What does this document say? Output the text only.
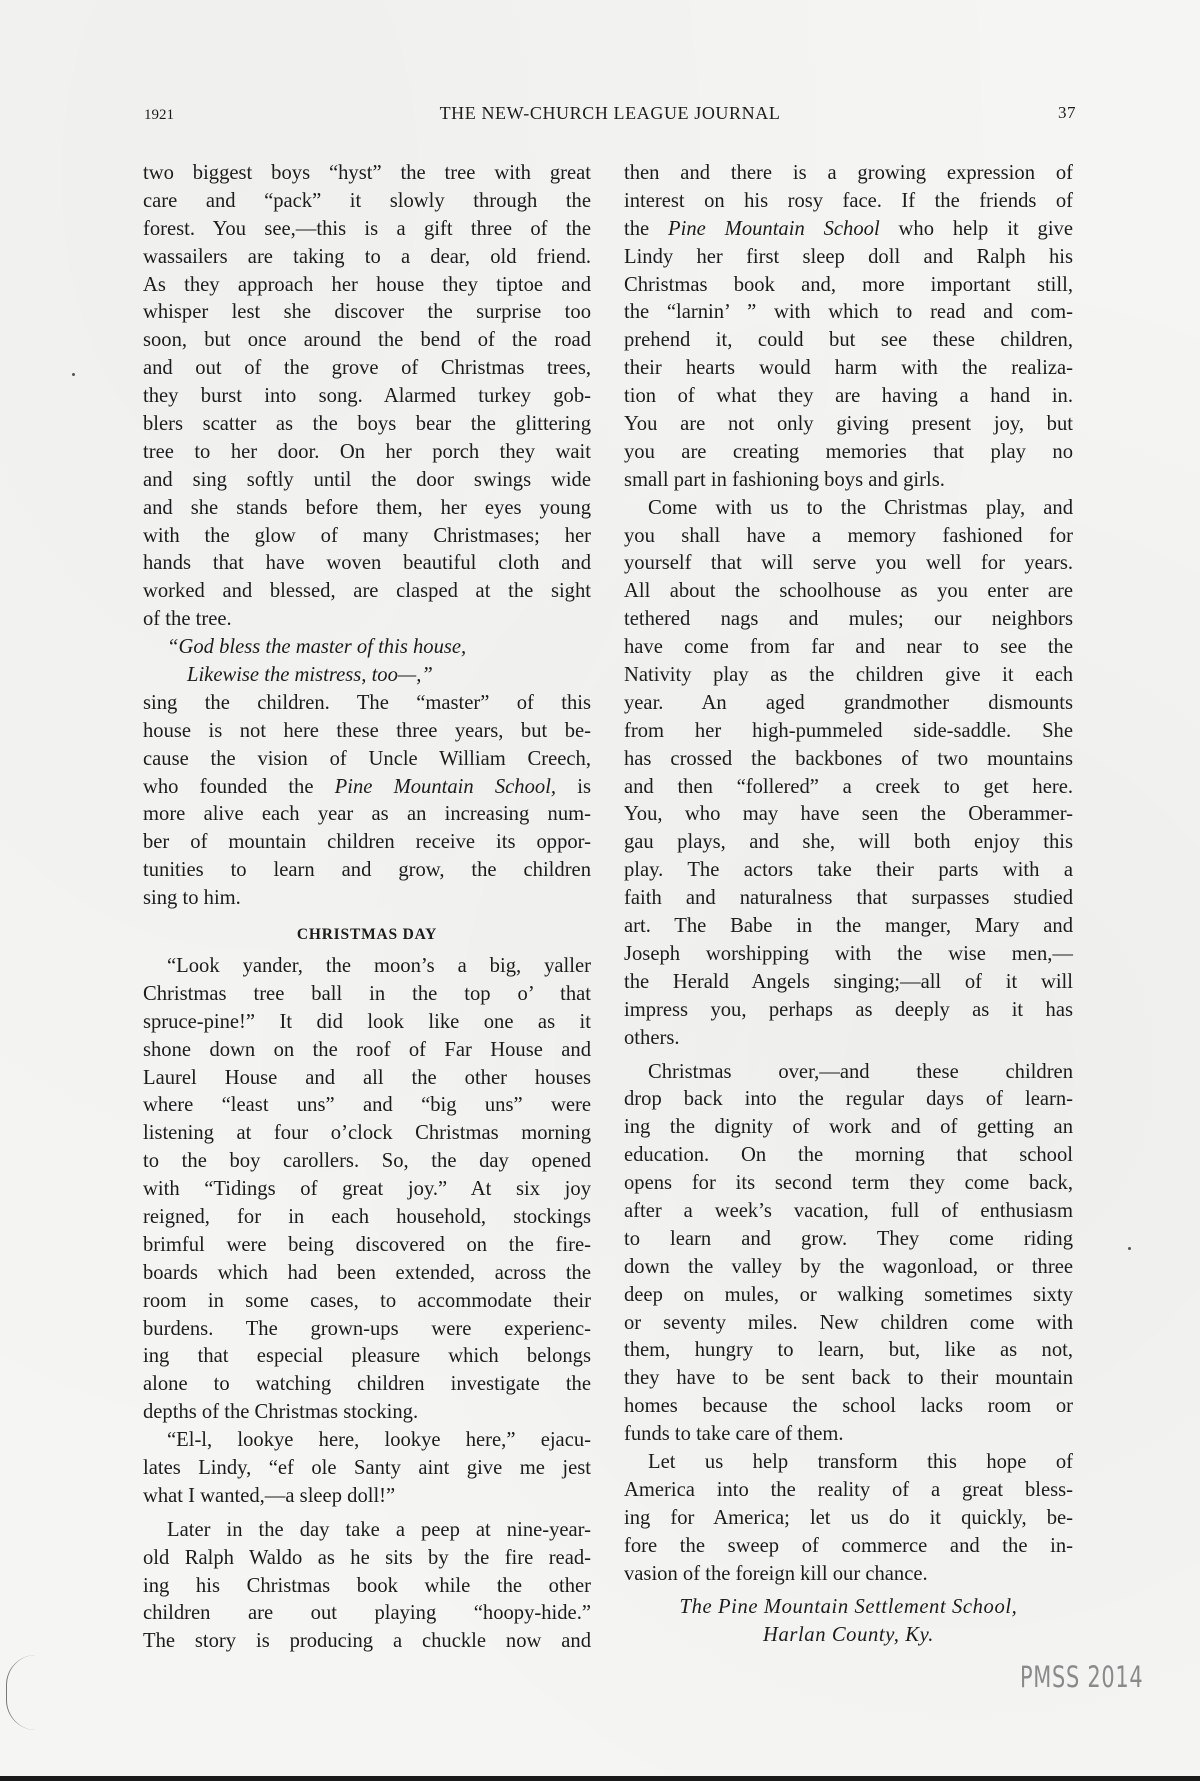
1921	THE NEW-CHURCH LEAGUE JOURNAL	37
two biggest boys “hyst” the tree with great
care and “pack” it slowly through the
forest. You see,—this is a gift three of the
wassailers are taking to a dear, old friend.
As they approach her house they tiptoe and
whisper lest she discover the surprise too
soon, but once around the bend of the road
and out of the grove of Christmas trees,
they burst into song. Alarmed turkey gob-
blers scatter as the boys bear the glittering
tree to her door. On her porch they wait
and sing softly until the door swings wide
and she stands before them, her eyes young
with the glow of many Christmases; her
hands that have woven beautiful cloth and
worked and blessed, are clasped at the sight
of the tree.
“God bless the master of this house,
Likewise the mistress, too—,”
sing the children. The “master” of this
house is not here these three years, but be-
cause the vision of Uncle William Creech,
who founded the Pine Mountain School, is
more alive each year as an increasing num-
ber of mountain children receive its oppor-
tunities to learn and grow, the children
sing to him.
CHRISTMAS DAY
“Look yander, the moon’s a big, yaller
Christmas tree ball in the top o’ that
spruce-pine!” It did look like one as it
shone down on the roof of Far House and
Laurel House and all the other houses
where “least uns” and “big uns” were
listening at four o’clock Christmas morning
to the boy carollers. So, the day opened
with “Tidings of great joy.” At six joy
reigned, for in each household, stockings
brimful were being discovered on the fire-
boards which had been extended, across the
room in some cases, to accommodate their
burdens. The grown-ups were experienc-
ing that especial pleasure which belongs
alone to watching children investigate the
depths of the Christmas stocking.
“El-l, lookye here, lookye here,” ejacu-
lates Lindy, “ef ole Santy aint give me jest
what I wanted,—a sleep doll!”
Later in the day take a peep at nine-year-
old Ralph Waldo as he sits by the fire read-
ing his Christmas book while the other
children are out playing “hoopy-hide.”
The story is producing a chuckle now and
then and there is a growing expression of
interest on his rosy face. If the friends of
the Pine Mountain School who help it give
Lindy her first sleep doll and Ralph his
Christmas book and, more important still,
the “larnin’ ” with which to read and com-
prehend it, could but see these children,
their hearts would harm with the realiza-
tion of what they are having a hand in.
You are not only giving present joy, but
you are creating memories that play no
small part in fashioning boys and girls.
Come with us to the Christmas play, and
you shall have a memory fashioned for
yourself that will serve you well for years.
All about the schoolhouse as you enter are
tethered nags and mules; our neighbors
have come from far and near to see the
Nativity play as the children give it each
year. An aged grandmother dismounts
from her high-pummeled side-saddle. She
has crossed the backbones of two mountains
and then “follered” a creek to get here.
You, who may have seen the Oberammer-
gau plays, and she, will both enjoy this
play. The actors take their parts with a
faith and naturalness that surpasses studied
art. The Babe in the manger, Mary and
Joseph worshipping with the wise men,—
the Herald Angels singing;—all of it will
impress you, perhaps as deeply as it has
others.
Christmas over,—and these children
drop back into the regular days of learn-
ing the dignity of work and of getting an
education. On the morning that school
opens for its second term they come back,
after a week’s vacation, full of enthusiasm
to learn and grow. They come riding
down the valley by the wagonload, or three
deep on mules, or walking sometimes sixty
or seventy miles. New children come with
them, hungry to learn, but, like as not,
they have to be sent back to their mountain
homes because the school lacks room or
funds to take care of them.
Let us help transform this hope of
America into the reality of a great bless-
ing for America; let us do it quickly, be-
fore the sweep of commerce and the in-
vasion of the foreign kill our chance.
The Pine Mountain Settlement School,
Harlan County, Ky.
PMSS 2014
